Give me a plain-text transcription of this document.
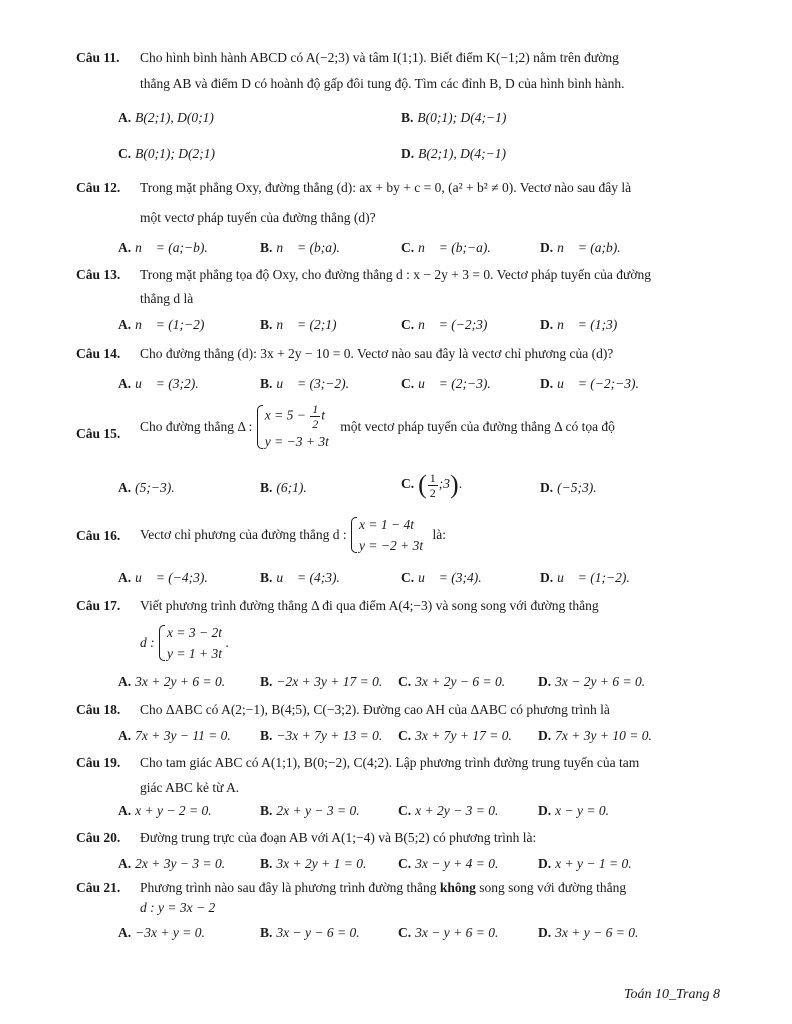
Câu 11. Cho hình bình hành ABCD có A(−2;3) và tâm I(1;1). Biết điểm K(−1;2) nằm trên đường
thẳng AB và điểm D có hoành độ gấp đôi tung độ. Tìm các đỉnh B, D của hình bình hành.
A. B(2;1), D(0;1)	B. B(0;1); D(4;−1)
C. B(0;1); D(2;1)	D. B(2;1), D(4;−1)
Câu 12. Trong mặt phẳng Oxy, đường thẳng (d): ax + by + c = 0, (a² + b² ≠ 0). Vectơ nào sau đây là
một vectơ pháp tuyến của đường thẳng (d)?
A. n⃗ = (a;−b).	B. n⃗ = (b;a).	C. n⃗ = (b;−a).	D. n⃗ = (a;b).
Câu 13. Trong mặt phẳng tọa độ Oxy, cho đường thẳng d : x − 2y + 3 = 0. Vectơ pháp tuyến của đường
thẳng d là
A. n⃗ = (1;−2)	B. n⃗ = (2;1)	C. n⃗ = (−2;3)	D. n⃗ = (1;3)
Câu 14. Cho đường thẳng (d): 3x + 2y − 10 = 0. Vectơ nào sau đây là vectơ chỉ phương của (d)?
A. u⃗ = (3;2).	B. u⃗ = (3;−2).	C. u⃗ = (2;−3).	D. u⃗ = (−2;−3).
Câu 15. Cho đường thẳng Δ :
$x = 5 - \frac{1}{2}$ t
y = −3 + 3t
một vectơ pháp tuyến của đường thẳng Δ có tọa độ
A. (5;−3).	B. (6;1).	C. ( $\frac{1}{2}$ ;3).	D. (−5;3).
Câu 16. Vectơ chỉ phương của đường thẳng d :
x = 1 − 4t
y = −2 + 3t
là:
A. u⃗ = (−4;3).	B. u⃗ = (4;3).	C. u⃗ = (3;4).	D. u⃗ = (1;−2).
Câu 17. Viết phương trình đường thẳng Δ đi qua điểm A(4;−3) và song song với đường thẳng
d :
x = 3 − 2t
y = 1 + 3t
.
A. 3x + 2y + 6 = 0.	B. −2x + 3y + 17 = 0. C. 3x + 2y − 6 = 0. D. 3x − 2y + 6 = 0.
Câu 18. Cho ΔABC có A(2;−1), B(4;5), C(−3;2). Đường cao AH của ΔABC có phương trình là
A. 7x + 3y − 11 = 0. B. −3x + 7y + 13 = 0. C. 3x + 7y + 17 = 0. D. 7x + 3y + 10 = 0.
Câu 19. Cho tam giác ABC có A(1;1), B(0;−2), C(4;2). Lập phương trình đường trung tuyến của tam
giác ABC kẻ từ A.
A. x + y − 2 = 0.	B. 2x + y − 3 = 0.	C. x + 2y − 3 = 0.	D. x − y = 0.
Câu 20. Đường trung trực của đoạn AB với A(1;−4) và B(5;2) có phương trình là:
A. 2x + 3y − 3 = 0.	B. 3x + 2y + 1 = 0. C. 3x − y + 4 = 0.	D. x + y − 1 = 0.
Câu 21. Phương trình nào sau đây là phương trình đường thẳng không song song với đường thẳng
d : y = 3x − 2
A. −3x + y = 0.	B. 3x − y − 6 = 0.	C. 3x − y + 6 = 0.	D. 3x + y − 6 = 0.
Toán 10_Trang 8
